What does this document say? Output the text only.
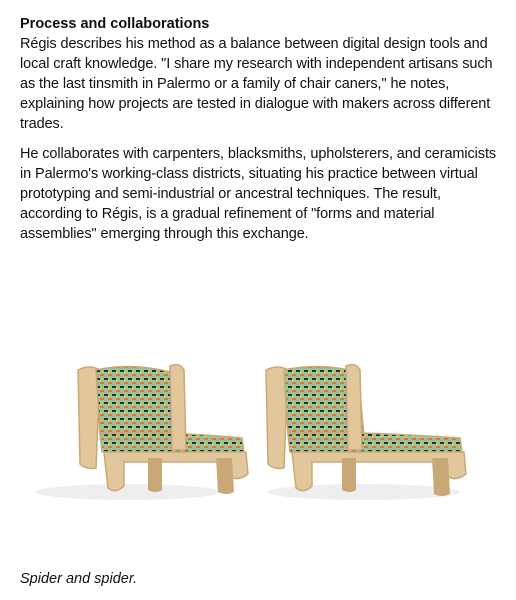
Process and collaborations

Régis describes his method as a balance between digital design tools and local craft knowledge. "I share my research with independent artisans such as the last tinsmith in Palermo or a family of chair caners," he notes, explaining how projects are tested in dialogue with makers across different trades.

He collaborates with carpenters, blacksmiths, upholsterers, and ceramicists in Palermo's working-class districts, situating his practice between virtual prototyping and semi-industrial or ancestral techniques. The result, according to Régis, is a gradual refinement of "forms and material assemblies" emerging through this exchange.

Spider and spider.
